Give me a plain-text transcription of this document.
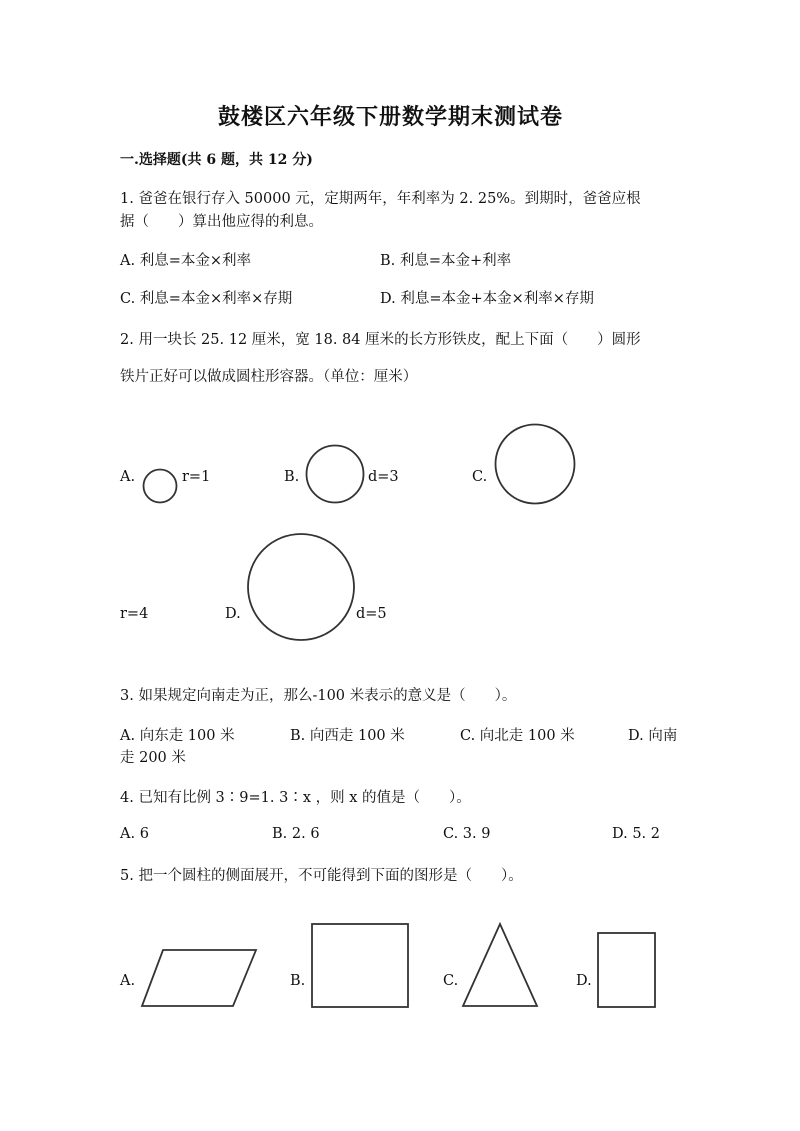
鼓楼区六年级下册数学期末测试卷
一.选择题(共 6 题，共 12 分)
1. 爸爸在银行存入 50000 元，定期两年，年利率为 2. 25%。到期时，爸爸应根
据（　　）算出他应得的利息。
A. 利息=本金×利率	B. 利息=本金+利率
C. 利息=本金×利率×存期	D. 利息=本金+本金×利率×存期
2. 用一块长 25. 12 厘米，宽 18. 84 厘米的长方形铁皮，配上下面（　　）圆形
铁片正好可以做成圆柱形容器。（单位：厘米）
A.	r=1	B.	d=3	C.
r=4	D.	d=5
3. 如果规定向南走为正，那么-100 米表示的意义是（　　）。
A. 向东走 100 米	B. 向西走 100 米	C. 向北走 100 米	D. 向南
走 200 米
4. 已知有比例 3∶9=1. 3∶x ，则 x 的值是（　　）。
A. 6	B. 2. 6	C. 3. 9	D. 5. 2
5. 把一个圆柱的侧面展开，不可能得到下面的图形是（　　）。
A.	B.	C.	D.
